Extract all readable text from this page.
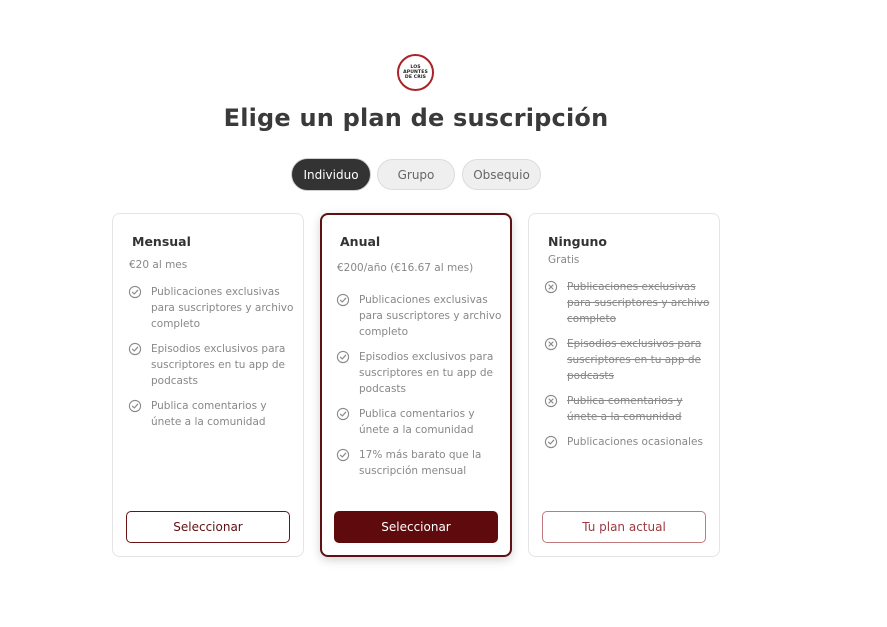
LOS
APUNTES
DE CRIS
Elige un plan de suscripción
Individuo	Grupo	Obsequio
Mensual
€20 al mes
Publicaciones exclusivas para suscriptores y archivo completo
Episodios exclusivos para suscriptores en tu app de podcasts
Publica comentarios y únete a la comunidad
Seleccionar
Anual
€200/año (€16.67 al mes)
Publicaciones exclusivas para suscriptores y archivo completo
Episodios exclusivos para suscriptores en tu app de podcasts
Publica comentarios y únete a la comunidad
17% más barato que la suscripción mensual
Seleccionar
Ninguno
Gratis
Publicaciones exclusivas para suscriptores y archivo completo
Episodios exclusivos para suscriptores en tu app de podcasts
Publica comentarios y únete a la comunidad
Publicaciones ocasionales
Tu plan actual
